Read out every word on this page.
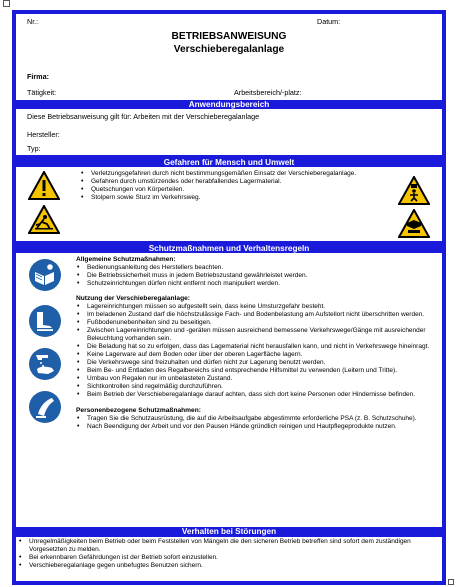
Nr.:	Datum:
BETRIEBSANWEISUNG
Verschieberegalanlage
Firma:
Tätigkeit:	Arbeitsbereich/-platz:
Anwendungsbereich
Diese Betriebsanweisung gilt für: Arbeiten mit der Verschieberegalanlage
Hersteller:
Typ:
Gefahren für Mensch und Umwelt
• Verletzungsgefahren durch nicht bestimmungsgemäßen Einsatz der Verschieberegalanlage.
• Gefahren durch umstürzendes oder herabfallendes Lagermaterial.
• Quetschungen von Körperteilen.
• Stolpern sowie Sturz im Verkehrsweg.
Schutzmaßnahmen und Verhaltensregeln
Allgemeine Schutzmaßnahmen:
• Bedienungsanleitung des Herstellers beachten.
• Die Betriebssicherheit muss in jedem Betriebszustand gewährleistet werden.
• Schutzeinrichtungen dürfen nicht entfernt noch manipuliert werden.
Nutzung der Verschieberegalanlage:
• Lagereinrichtungen müssen so aufgestellt sein, dass keine Umsturzgefahr besteht.
• Im beladenen Zustand darf die höchstzulässige Fach- und Bodenbelastung am Aufstellort nicht überschritten werden.
• Fußbodenunebenheiten sind zu beseitigen.
• Zwischen Lagereinrichtungen und -geräten müssen ausreichend bemessene Verkehrswege/Gänge mit ausreichender Beleuchtung vorhanden sein.
• Die Beladung hat so zu erfolgen, dass das Lagematerial nicht herausfallen kann, und nicht in Verkehrswege hineinragt.
• Keine Lagerware auf dem Boden oder über der oberen Lagerfläche lagern.
• Die Verkehrswege sind freizuhalten und dürfen nicht zur Lagerung benutzt werden.
• Beim Be- und Entladen des Regalbereichs sind entsprechende Hilfsmittel zu verwenden (Leitern und Tritte).
• Umbau von Regalen nur im unbelasteten Zustand.
• Sichtkontrollen sind regelmäßig durchzuführen.
• Beim Betrieb der Verschieberegalanlage darauf achten, dass sich dort keine Personen oder Hindernisse befinden.
Personenbezogene Schutzmaßnahmen:
• Tragen Sie die Schutzausrüstung, die auf die Arbeitsaufgabe abgestimmte erforderliche PSA (z. B. Schutzschuhe).
• Nach Beendigung der Arbeit und vor den Pausen Hände gründlich reinigen und Hautpflegeprodukte nutzen.
Verhalten bei Störungen
• Unregelmäßigkeiten beim Betrieb oder beim Feststellen von Mängeln die den sicheren Betrieb betreffen sind sofort dem zuständigen Vorgesetzten zu melden.
• Bei erkennbaren Gefährdungen ist der Betrieb sofort einzustellen.
• Verschieberegalanlage gegen unbefugtes Benutzen sichern.
